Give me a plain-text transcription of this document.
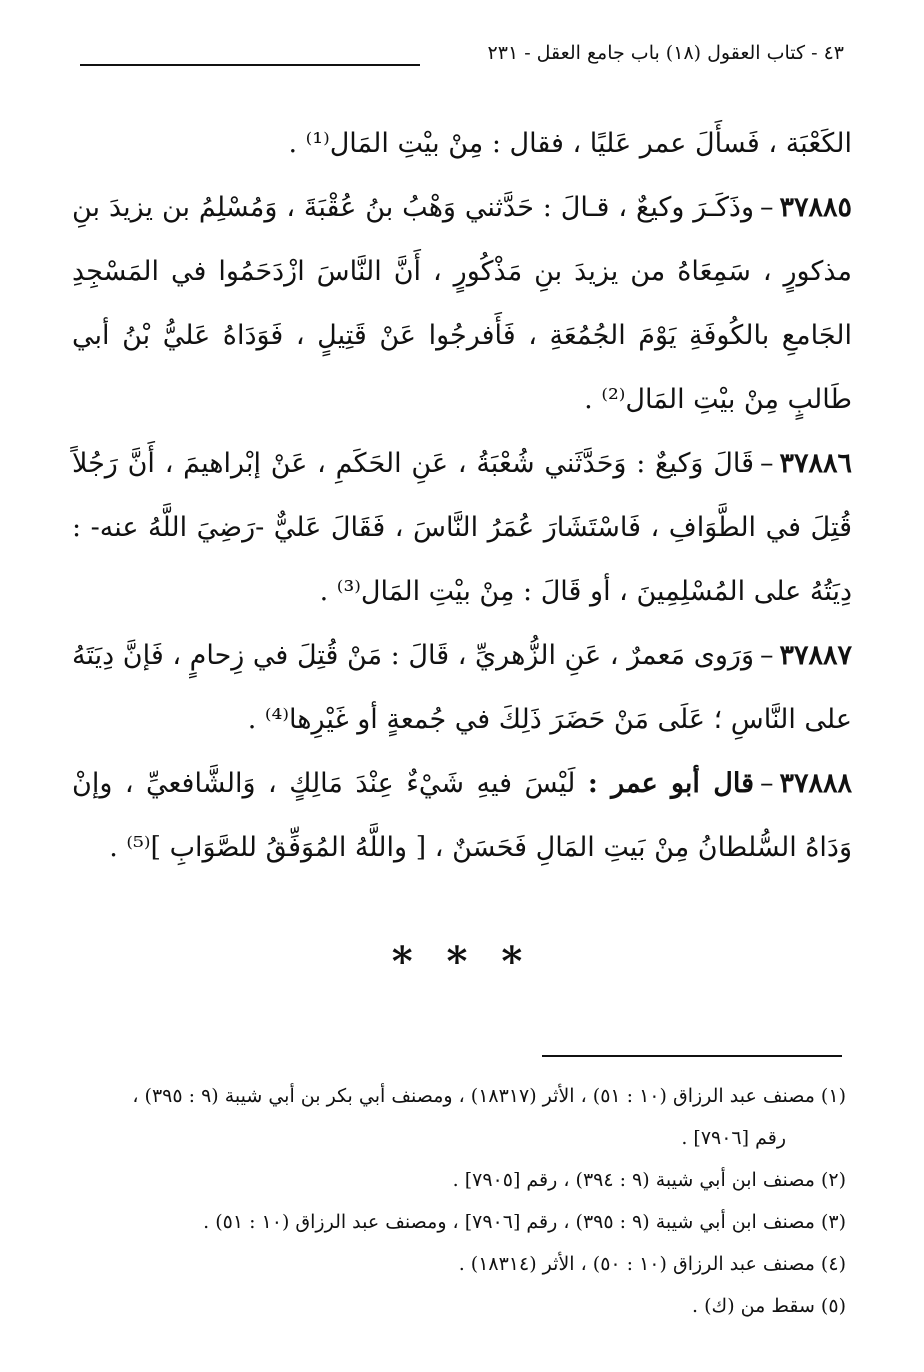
٤٣ - كتاب العقول (١٨) باب جامع العقل - ٢٣١

الكَعْبَة ، فَسأَلَ عمر عَليًا ، فقال : مِنْ بيْتِ المَال⁽¹⁾ .

٣٧٨٨٥–وذَكَـرَ وكيعٌ ، قـالَ : حَدَّثني وَهْبُ بنُ عُقْبَةَ ، وَمُسْلِمُ بن يزيدَ بنِ مذكورٍ ، سَمِعَاهُ من يزيدَ بنِ مَذْكُورٍ ، أَنَّ النَّاسَ ازْدَحَمُوا في المَسْجِدِ الجَامعِ بالكُوفَةِ يَوْمَ الجُمُعَةِ ، فَأَفرجُوا عَنْ قَتِيلٍ ، فَوَدَاهُ عَليُّ بْنُ أبي طَالبٍ مِنْ بيْتِ المَال⁽²⁾ .

٣٧٨٨٦–قَالَ وَكيعٌ : وَحَدَّثَني شُعْبَةُ ، عَنِ الحَكَمِ ، عَنْ إبْراهيمَ ، أَنَّ رَجُلاً قُتِلَ في الطَّوَافِ ، فَاسْتَشَارَ عُمَرُ النَّاسَ ، فَقَالَ عَليٌّ -رَضِيَ اللَّهُ عنه- : دِيَتُهُ على المُسْلِمِينَ ، أو قَالَ : مِنْ بيْتِ المَال⁽³⁾ .

٣٧٨٨٧–وَرَوى مَعمرٌ ، عَنِ الزُّهريِّ ، قَالَ : مَنْ قُتِلَ في زِحامٍ ، فَإنَّ دِيَتَهُ على النَّاسِ ؛ عَلَى مَنْ حَضَرَ ذَلِكَ في جُمعةٍ أو غَيْرِها⁽⁴⁾ .

٣٧٨٨٨–قال أبو عمر : لَيْسَ فيهِ شَيْءٌ عِنْدَ مَالِكٍ ، وَالشَّافعيِّ ، وإنْ وَدَاهُ السُّلطانُ مِنْ بَيتِ المَالِ فَحَسَنٌ ، [ واللَّهُ المُوَفِّقُ للصَّوَابِ ]⁽⁵⁾ .

* * *

(١) مصنف عبد الرزاق (١٠ : ٥١) ، الأثر (١٨٣١٧) ، ومصنف أبي بكر بن أبي شيبة (٩ : ٣٩٥) ،

رقم [٧٩٠٦] .

(٢) مصنف ابن أبي شيبة (٩ : ٣٩٤) ، رقم [٧٩٠٥] .

(٣) مصنف ابن أبي شيبة (٩ : ٣٩٥) ، رقم [٧٩٠٦] ، ومصنف عبد الرزاق (١٠ : ٥١) .

(٤) مصنف عبد الرزاق (١٠ : ٥٠) ، الأثر (١٨٣١٤) .

(٥) سقط من (ك) .
